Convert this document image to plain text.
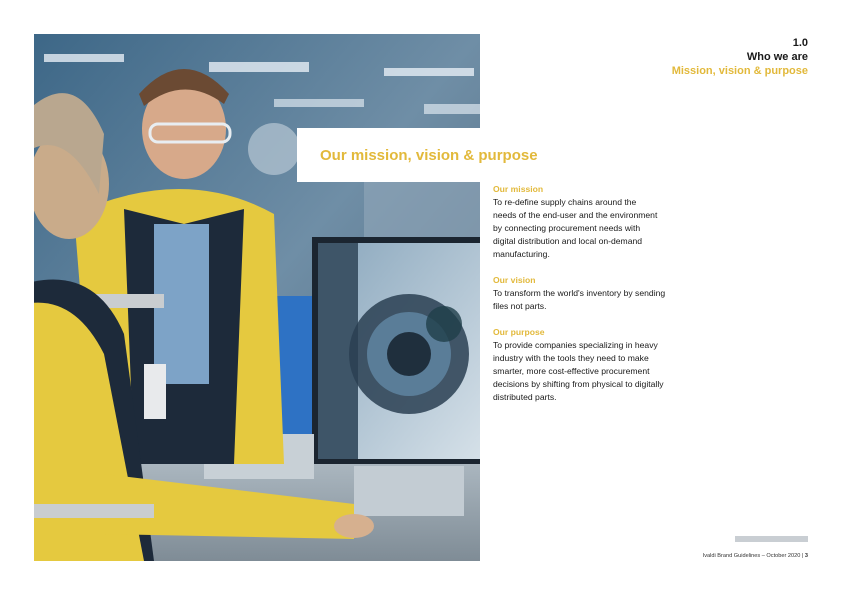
Our mission, vision & purpose
1.0
Who we are
Mission, vision & purpose
Our mission
To re-define supply chains around the
needs of the end-user and the environment
by connecting procurement needs with
digital distribution and local on-demand
manufacturing.
Our vision
To transform the world's inventory by sending
files not parts.
Our purpose
To provide companies specializing in heavy
industry with the tools they need to make
smarter, more cost-effective procurement
decisions by shifting from physical to digitally
distributed parts.
Ivaldi Brand Guidelines – October 2020 | 3
